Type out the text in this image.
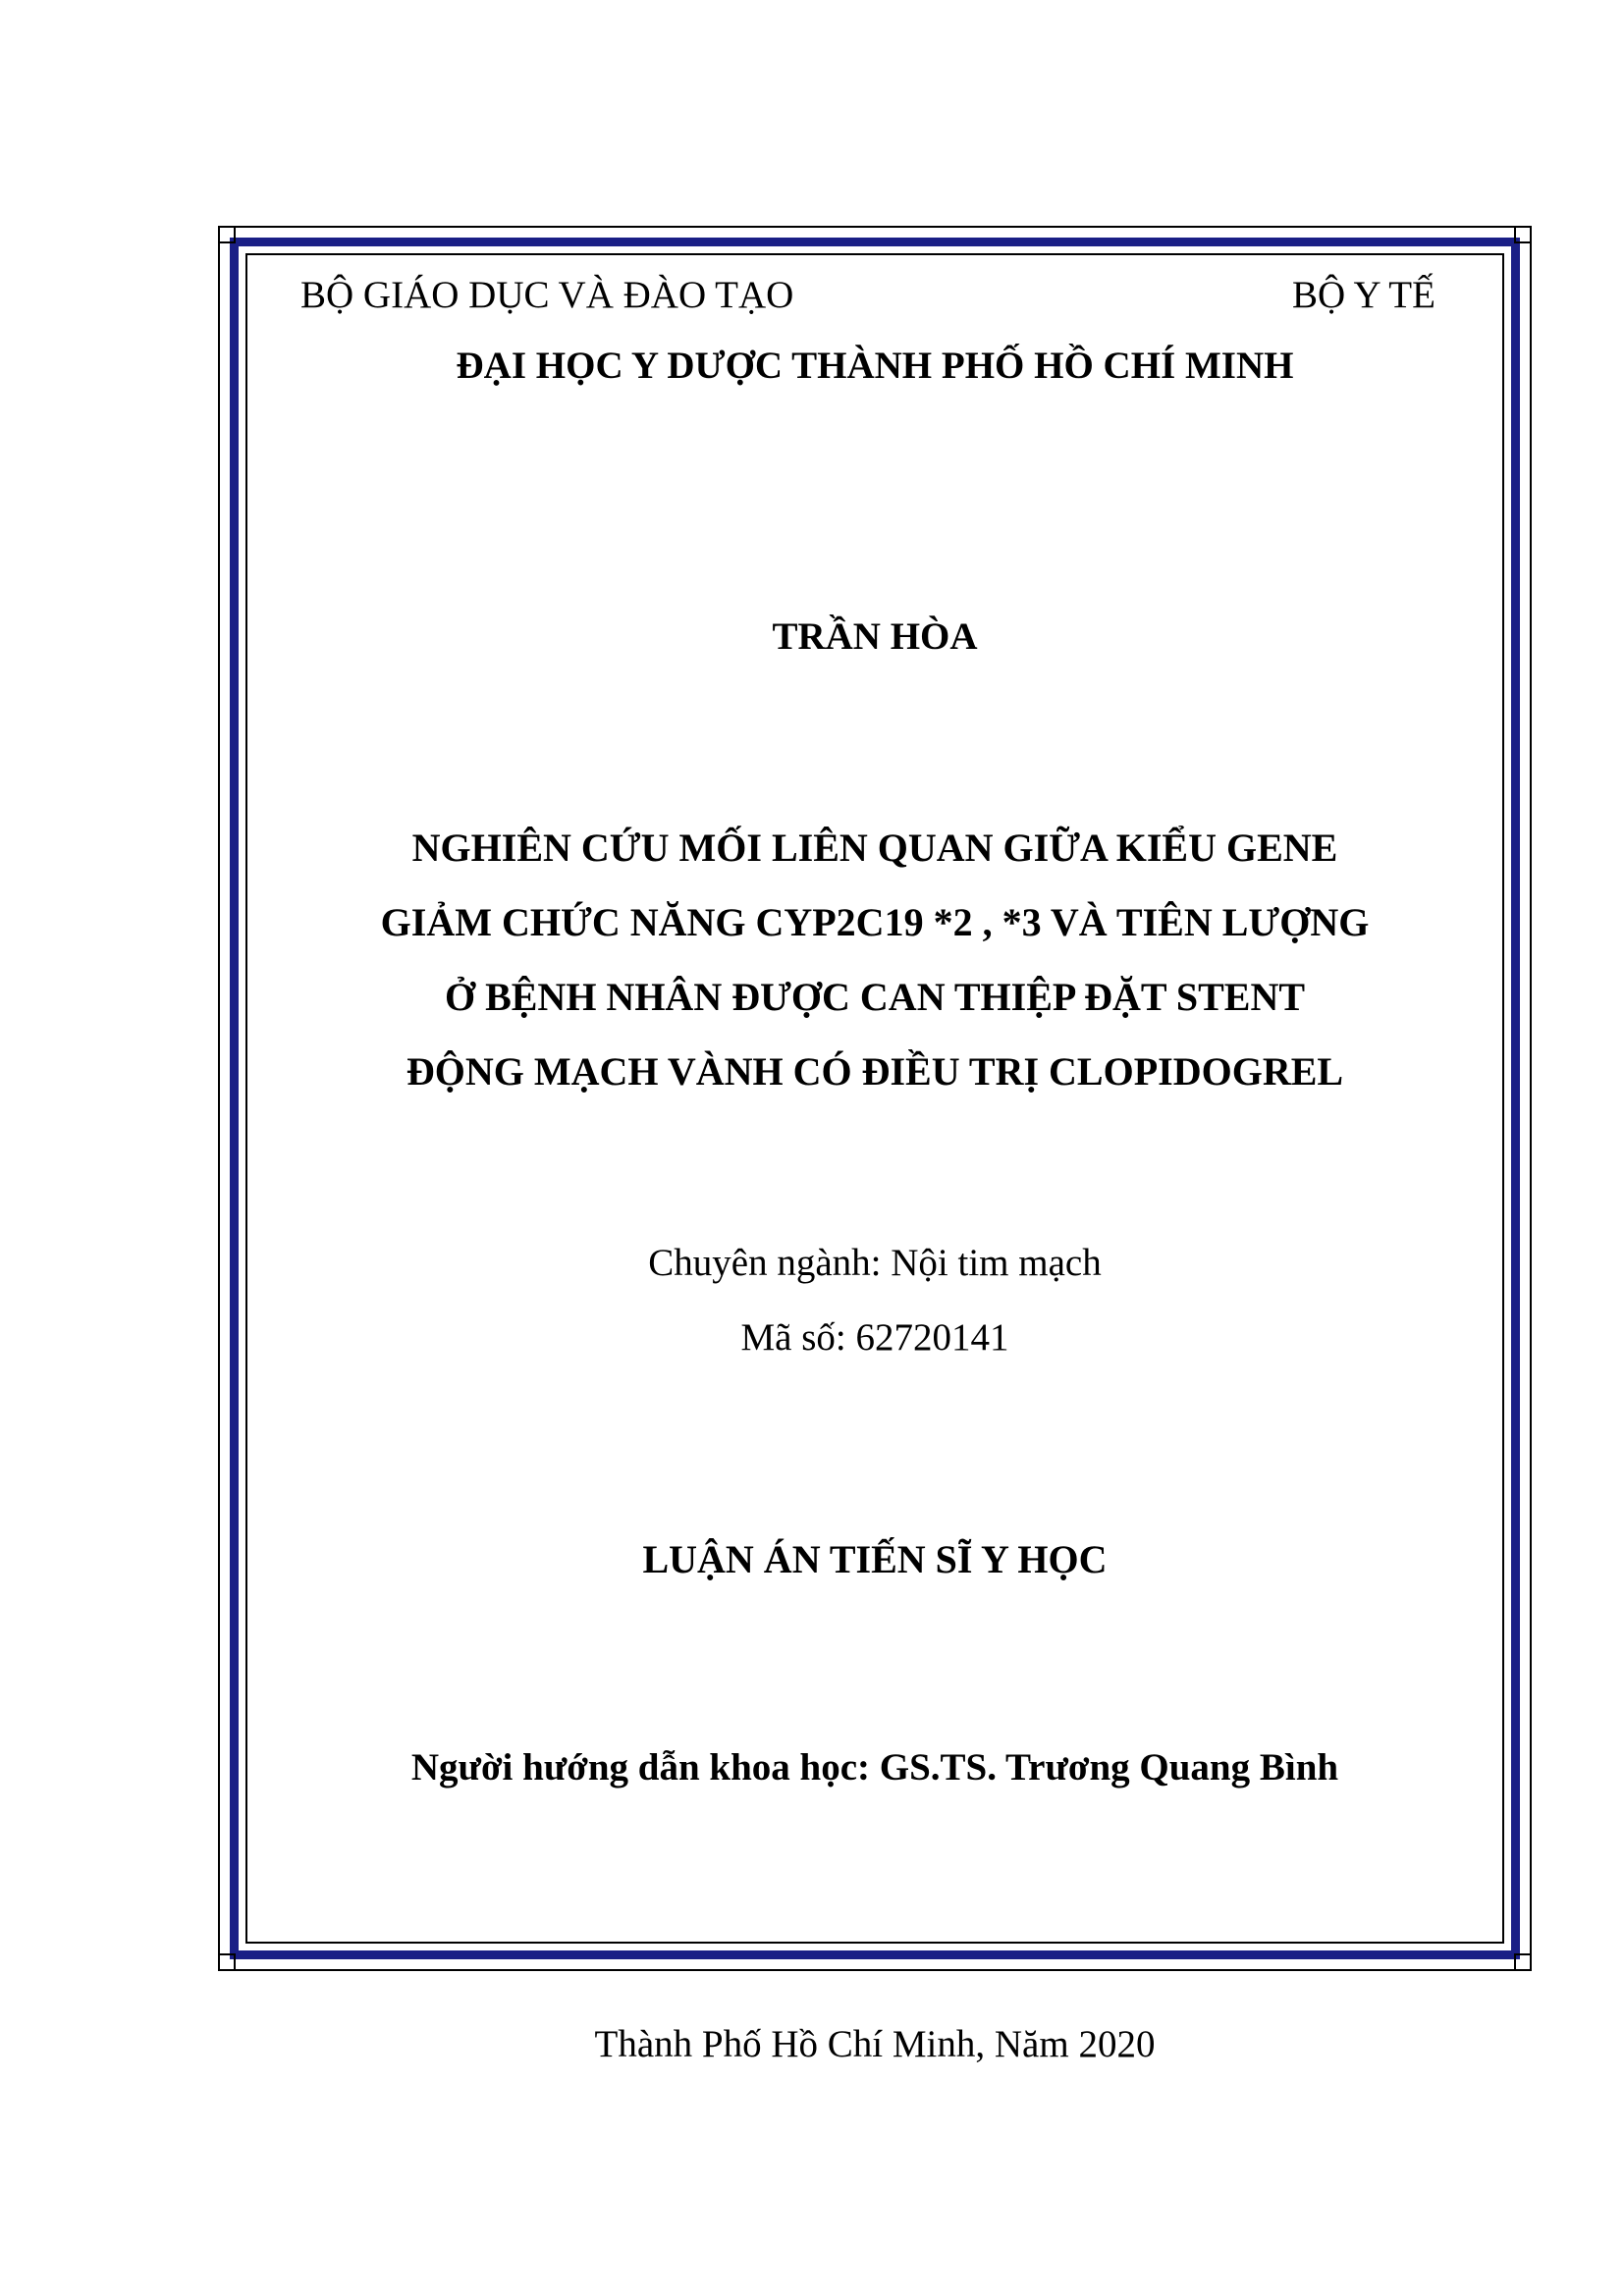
BỘ GIÁO DỤC VÀ ĐÀO TẠO	BỘ Y TẾ
ĐẠI HỌC Y DƯỢC THÀNH PHỐ HỒ CHÍ MINH
TRẦN HÒA
NGHIÊN CỨU MỐI LIÊN QUAN GIỮA KIỂU GENE
GIẢM CHỨC NĂNG CYP2C19 *2 , *3 VÀ TIÊN LƯỢNG
Ở BỆNH NHÂN ĐƯỢC CAN THIỆP ĐẶT STENT
ĐỘNG MẠCH VÀNH CÓ ĐIỀU TRỊ CLOPIDOGREL
Chuyên ngành: Nội tim mạch
Mã số: 62720141
LUẬN ÁN TIẾN SĨ Y HỌC
Người hướng dẫn khoa học: GS.TS. Trương Quang Bình
Thành Phố Hồ Chí Minh, Năm 2020
